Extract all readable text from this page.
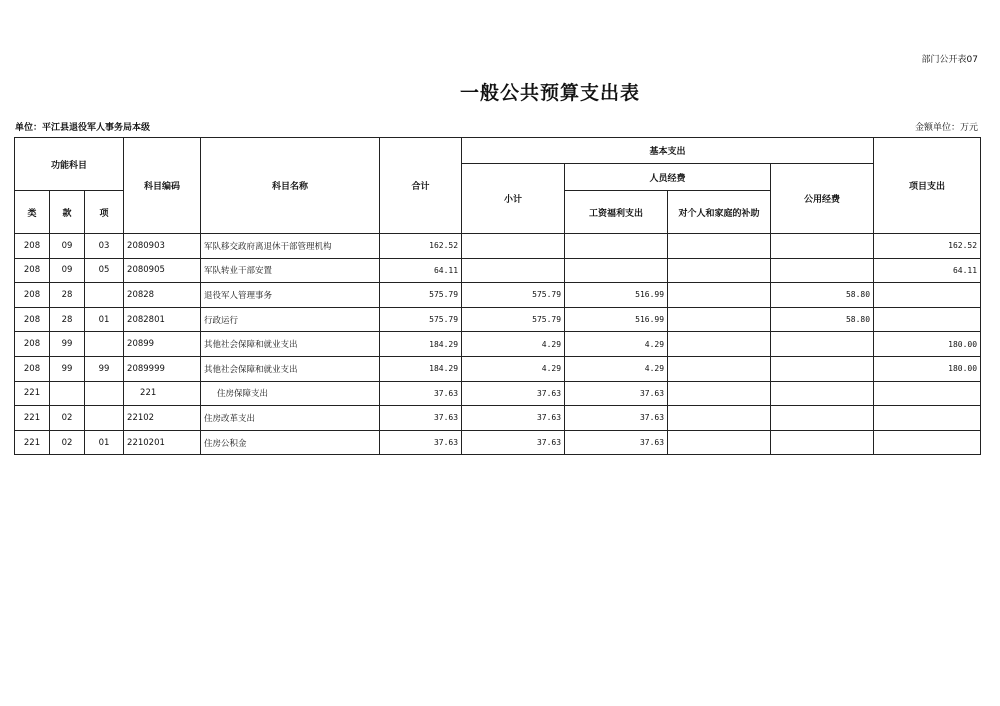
部门公开表07
一般公共预算支出表
单位：平江县退役军人事务局本级	金额单位：万元
功能科目			科目编码	科目名称	合计	基本支出				项目支出
						小计	人员经费		公用经费	
类	款	项					工资福利支出	对个人和家庭的补助		
208	09	03	2080903	军队移交政府离退休干部管理机构	162.52					162.52
208	09	05	2080905	军队转业干部安置	64.11					64.11
208	28		20828	退役军人管理事务	575.79	575.79	516.99		58.80	
208	28	01	2082801	行政运行	575.79	575.79	516.99		58.80	
208	99		20899	其他社会保障和就业支出	184.29	4.29	4.29			180.00
208	99	99	2089999	其他社会保障和就业支出	184.29	4.29	4.29			180.00
221			221	住房保障支出	37.63	37.63	37.63			
221	02		22102	住房改革支出	37.63	37.63	37.63			
221	02	01	2210201	住房公积金	37.63	37.63	37.63			
